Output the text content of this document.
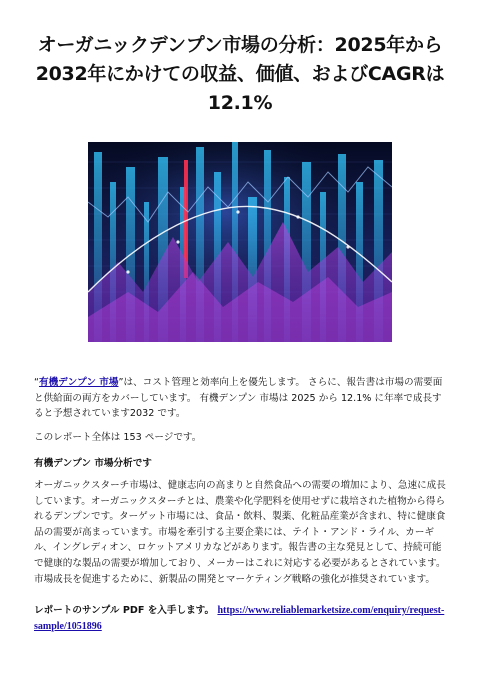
オーガニックデンプン市場の分析：2025年から2032年にかけての収益、価値、およびCAGRは12.1%
“有機デンプン 市場”は、コスト管理と効率向上を優先します。 さらに、報告書は市場の需要面と供給面の両方をカバーしています。 有機デンプン 市場は 2025 から 12.1% に年率で成長すると予想されています2032 です。
このレポート全体は 153 ページです。
有機デンプン 市場分析です
オーガニックスターチ市場は、健康志向の高まりと自然食品への需要の増加により、急速に成長しています。オーガニックスターチとは、農業や化学肥料を使用せずに栽培された植物から得られるデンプンです。ターゲット市場には、食品・飲料、製薬、化粧品産業が含まれ、特に健康食品の需要が高まっています。市場を牽引する主要企業には、テイト・アンド・ライル、カーギル、イングレディオン、ロケットアメリカなどがあります。報告書の主な発見として、持続可能で健康的な製品の需要が増加しており、メーカーはこれに対応する必要があるとされています。市場成長を促進するために、新製品の開発とマーケティング戦略の強化が推奨されています。
レポートのサンプル PDF を入手します。 https://www.reliablemarketsize.com/enquiry/request-sample/1051896
